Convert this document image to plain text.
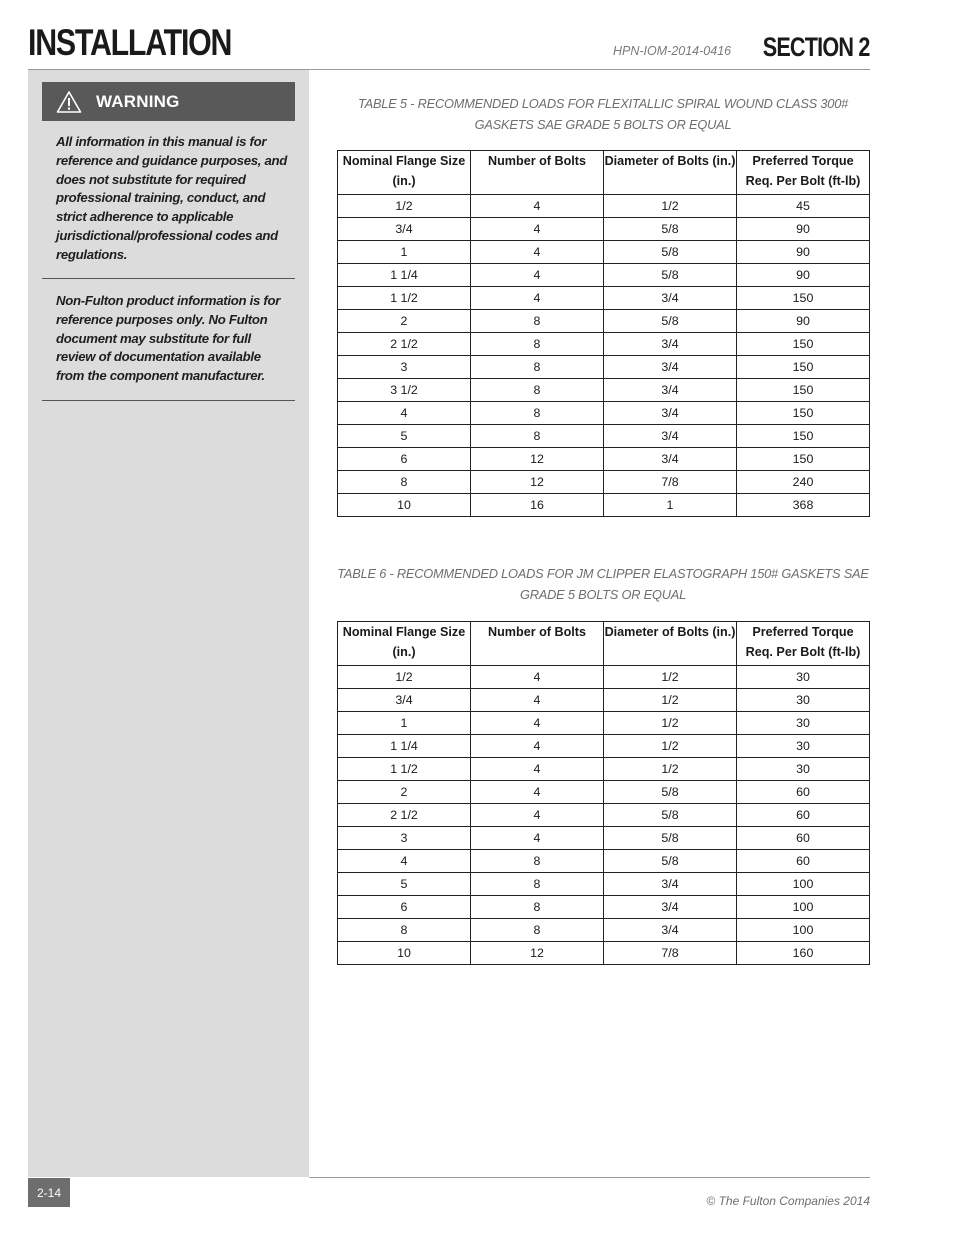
INSTALLATION	HPN-IOM-2014-0416 SECTION 2
WARNING

All information in this manual is for reference and guidance purposes, and does not substitute for required professional training, conduct, and strict adherence to applicable jurisdictional/professional codes and regulations.

Non-Fulton product information is for reference purposes only. No Fulton document may substitute for full review of documentation available from the component manufacturer.

TABLE 5 - RECOMMENDED LOADS FOR FLEXITALLIC SPIRAL WOUND CLASS 300# GASKETS SAE GRADE 5 BOLTS OR EQUAL
Nominal Flange Size (in.)	Number of Bolts	Diameter of Bolts (in.)	Preferred Torque Req. Per Bolt (ft-lb)
1/2	4	1/2	45
3/4	4	5/8	90
1	4	5/8	90
1 1/4	4	5/8	90
1 1/2	4	3/4	150
2	8	5/8	90
2 1/2	8	3/4	150
3	8	3/4	150
3 1/2	8	3/4	150
4	8	3/4	150
5	8	3/4	150
6	12	3/4	150
8	12	7/8	240
10	16	1	368
TABLE 6 - RECOMMENDED LOADS FOR JM CLIPPER ELASTOGRAPH 150# GASKETS SAE GRADE 5 BOLTS OR EQUAL
Nominal Flange Size (in.)	Number of Bolts	Diameter of Bolts (in.)	Preferred Torque Req. Per Bolt (ft-lb)
1/2	4	1/2	30
3/4	4	1/2	30
1	4	1/2	30
1 1/4	4	1/2	30
1 1/2	4	1/2	30
2	4	5/8	60
2 1/2	4	5/8	60
3	4	5/8	60
4	8	5/8	60
5	8	3/4	100
6	8	3/4	100
8	8	3/4	100
10	12	7/8	160
2-14
© The Fulton Companies 2014
